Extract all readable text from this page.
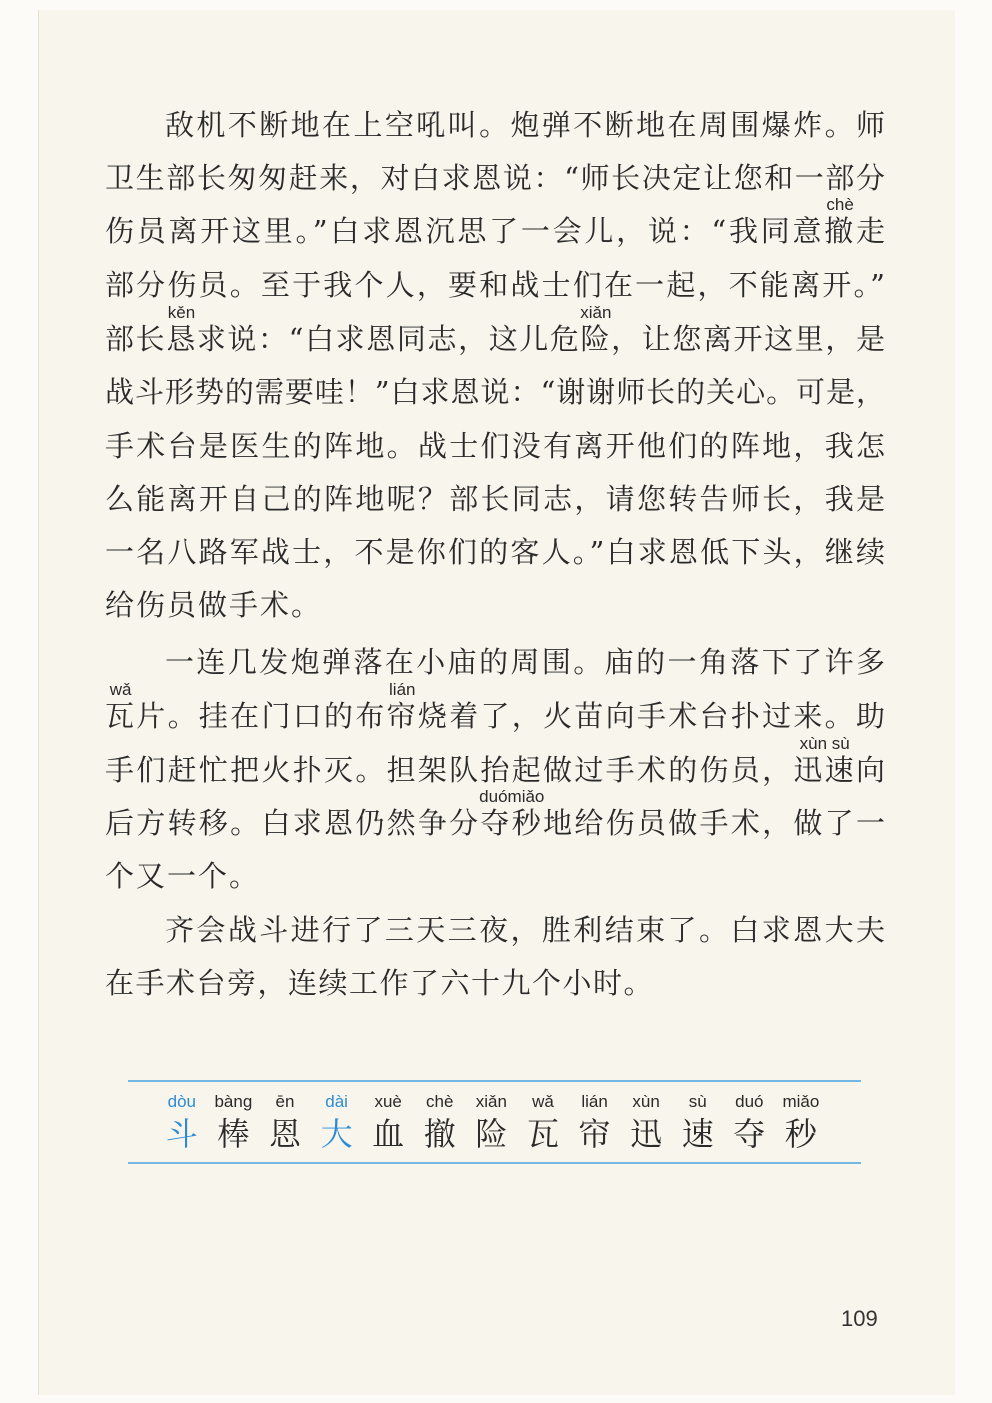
敌机不断地在上空吼叫。炮弹不断地在周围爆炸。师
卫生部长匆匆赶来，对白求恩说：“师长决定让您和一部分
伤员离开这里。”白求恩沉思了一会儿，说：“我同意撤
chè
走
部分伤员。至于我个人，要和战士们在一起，不能离开。”
部长恳
kěn
求说：“白求恩同志，这儿危险
xiǎn
，让您离开这里，是
战斗形势的需要哇！”白求恩说：“谢谢师长的关心。可是，
手术台是医生的阵地。战士们没有离开他们的阵地，我怎
么能离开自己的阵地呢？部长同志，请您转告师长，我是
一名八路军战士，不是你们的客人。”白求恩低下头，继续
给伤员做手术。
一连几发炮弹落在小庙的周围。庙的一角落下了许多
瓦
wǎ
片。挂在门口的布帘
lián
烧着了，火苗向手术台扑过来。助
手们赶忙把火扑灭。担架队抬起做过手术的伤员，迅速
xùn sù
向
后方转移。白求恩仍然争分夺秒
duómiǎo
地给伤员做手术，做了一
个又一个。
齐会战斗进行了三天三夜，胜利结束了。白求恩大夫
在手术台旁，连续工作了六十九个小时。
dòu
斗
bàng
棒
ēn
恩
dài
大
xuè
血
chè
撤
xiǎn
险
wǎ
瓦
lián
帘
xùn
迅
sù
速
duó
夺
miǎo
秒
109
